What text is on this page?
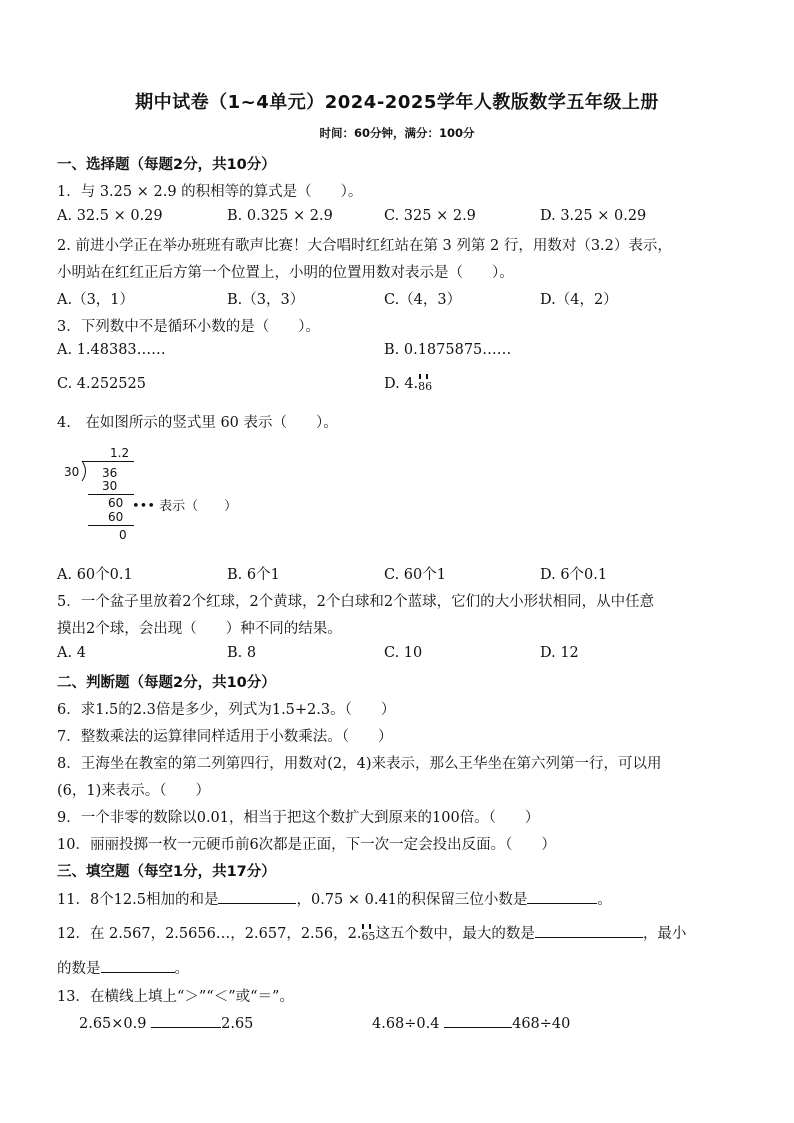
期中试卷（1~4单元）2024-2025学年人教版数学五年级上册
时间：60分钟，满分：100分
一、选择题（每题2分，共10分）
1．与 3.25 × 2.9 的积相等的算式是（　　）。
A. 32.5 × 0.29	B. 0.325 × 2.9	C. 325 × 2.9	D. 3.25 × 0.29
2. 前进小学正在举办班班有歌声比赛！大合唱时红红站在第 3 列第 2 行，用数对（3.2）表示，
小明站在红红正后方第一个位置上，小明的位置用数对表示是（　　）。
A.（3，1）	B.（3，3）	C.（4，3）	D.（4，2）
3．下列数中不是循环小数的是（　　）。
A. 1.48383……	B. 0.1875875……
C. 4.252525	D. 4.
86
4.　在如图所示的竖式里 60 表示（　　）。
1.2
30 36
30
60 ••• 表示（　　）
60
0
A. 60个0.1	B. 6个1	C. 60个1	D. 6个0.1
5．一个盆子里放着2个红球，2个黄球，2个白球和2个蓝球，它们的大小形状相同，从中任意
摸出2个球，会出现（　　）种不同的结果。
A. 4	B. 8	C. 10	D. 12
二、判断题（每题2分，共10分）
6．求1.5的2.3倍是多少，列式为1.5+2.3。（　　）
7．整数乘法的运算律同样适用于小数乘法。（　　）
8．王海坐在教室的第二列第四行，用数对(2，4)来表示，那么王华坐在第六列第一行，可以用
(6，1)来表示。（　　）
9．一个非零的数除以0.01，相当于把这个数扩大到原来的100倍。（　　）
10．丽丽投掷一枚一元硬币前6次都是正面，下一次一定会投出反面。（　　）
三、填空题（每空1分，共17分）
11．8个12.5相加的和是	，0.75 × 0.41的积保留三位小数是	。
12．在 2.567，2.5656…，2.657，2.56，2.
65这五个数中，最大的数是	，最小
的数是	。
13．在横线上填上“＞”“＜”或“＝”。
2.65×0.9	2.65	4.68÷0.4	468÷40
